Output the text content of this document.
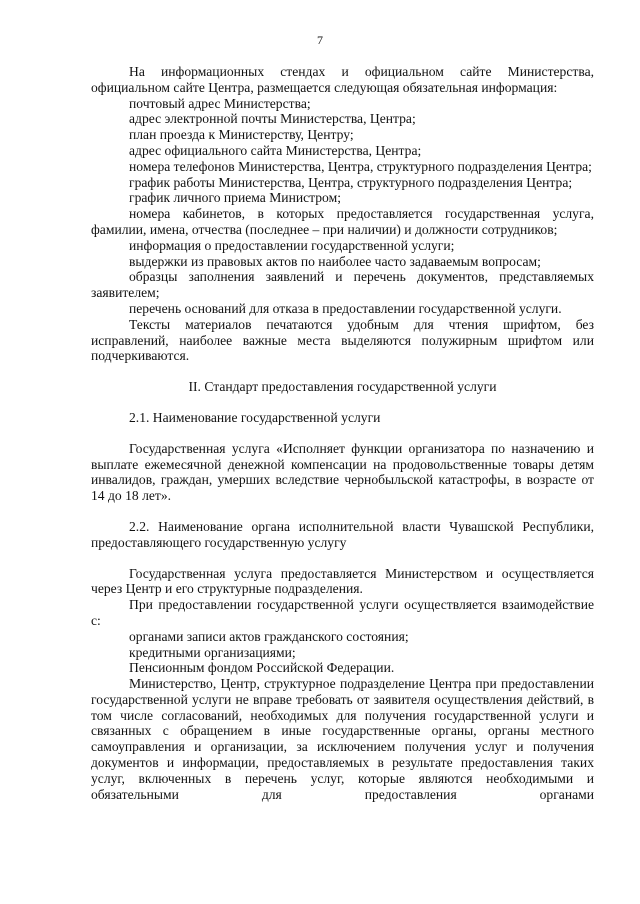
7

На информационных стендах и официальном сайте Министерства, официальном сайте Центра, размещается следующая обязательная информация:

почтовый адрес Министерства;

адрес электронной почты Министерства, Центра;

план проезда к Министерству, Центру;

адрес официального сайта Министерства, Центра;

номера телефонов Министерства, Центра, структурного подразделения Центра;

график работы Министерства, Центра, структурного подразделения Центра;

график личного приема Министром;

номера кабинетов, в которых предоставляется государственная услуга, фамилии, имена, отчества (последнее – при наличии) и должности сотрудников;

информация о предоставлении государственной услуги;

выдержки из правовых актов по наиболее часто задаваемым вопросам;

образцы заполнения заявлений и перечень документов, представляемых заявителем;

перечень оснований для отказа в предоставлении государственной услуги.

Тексты материалов печатаются удобным для чтения шрифтом, без исправлений, наиболее важные места выделяются полужирным шрифтом или подчеркиваются.

II. Стандарт предоставления государственной услуги

2.1. Наименование государственной услуги

Государственная услуга «Исполняет функции организатора по назначению и выплате ежемесячной денежной компенсации на продовольственные товары детям инвалидов, граждан, умерших вследствие чернобыльской катастрофы, в возрасте от 14 до 18 лет».

2.2. Наименование органа исполнительной власти Чувашской Республики, предоставляющего государственную услугу

Государственная услуга предоставляется Министерством и осуществляется через Центр и его структурные подразделения.

При предоставлении государственной услуги осуществляется взаимодействие с:

органами записи актов гражданского состояния;

кредитными организациями;

Пенсионным фондом Российской Федерации.

Министерство, Центр, структурное подразделение Центра при предоставлении государственной услуги не вправе требовать от заявителя осуществления действий, в том числе согласований, необходимых для получения государственной услуги и связанных с обращением в иные государственные органы, органы местного самоуправления и организации, за исключением получения услуг и получения документов и информации, предоставляемых в результате предоставления таких услуг, включенных в перечень услуг, которые являются необходимыми и обязательными для предоставления органами
